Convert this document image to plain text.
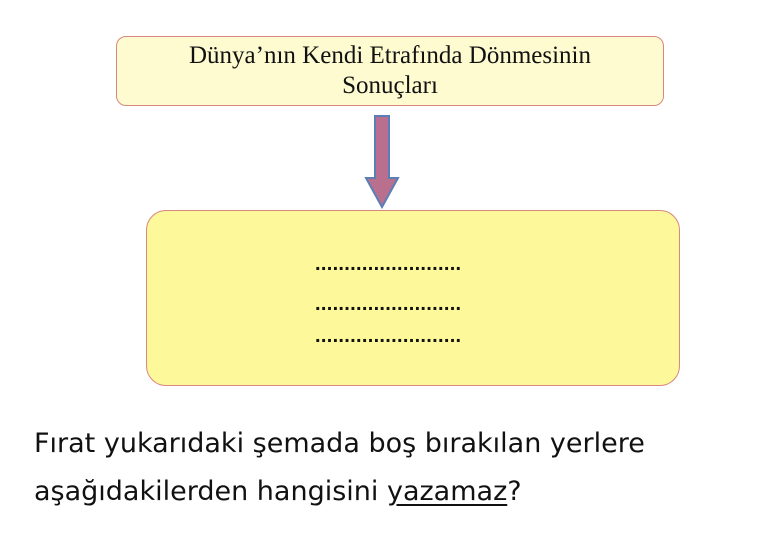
Dünya’nın Kendi Etrafında Dönmesinin
Sonuçları
.........................
.........................
.........................
Fırat yukarıdaki şemada boş bırakılan yerlere
aşağıdakilerden hangisini yazamaz?
